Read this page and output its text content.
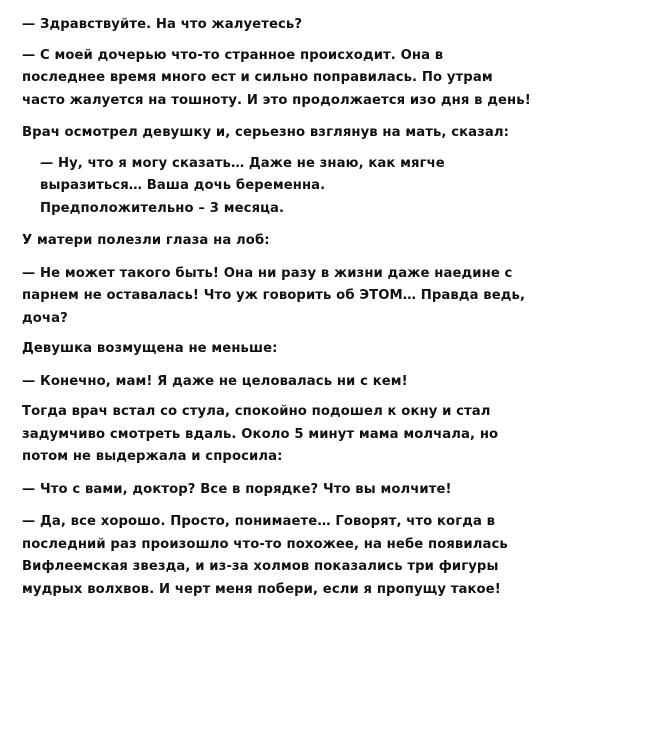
— Здравствуйте. На что жалуетесь?

— С моей дочерью что-то странное происходит. Она в
последнее время много ест и сильно поправилась. По утрам
часто жалуется на тошноту. И это продолжается изо дня в день!

Врач осмотрел девушку и, серьезно взглянув на мать, сказал:

— Ну, что я могу сказать… Даже не знаю, как мягче
выразиться… Ваша дочь беременна.
Предположительно – 3 месяца.

У матери полезли глаза на лоб:

— Не может такого быть! Она ни разу в жизни даже наедине с
парнем не оставалась! Что уж говорить об ЭТОМ… Правда ведь,
доча?

Девушка возмущена не меньше:

— Конечно, мам! Я даже не целовалась ни с кем!

Тогда врач встал со стула, спокойно подошел к окну и стал
задумчиво смотреть вдаль. Около 5 минут мама молчала, но
потом не выдержала и спросила:

— Что с вами, доктор? Все в порядке? Что вы молчите!

— Да, все хорошо. Просто, понимаете… Говорят, что когда в
последний раз произошло что-то похожее, на небе появилась
Вифлеемская звезда, и из-за холмов показались три фигуры
мудрых волхвов. И черт меня побери, если я пропущу такое!
